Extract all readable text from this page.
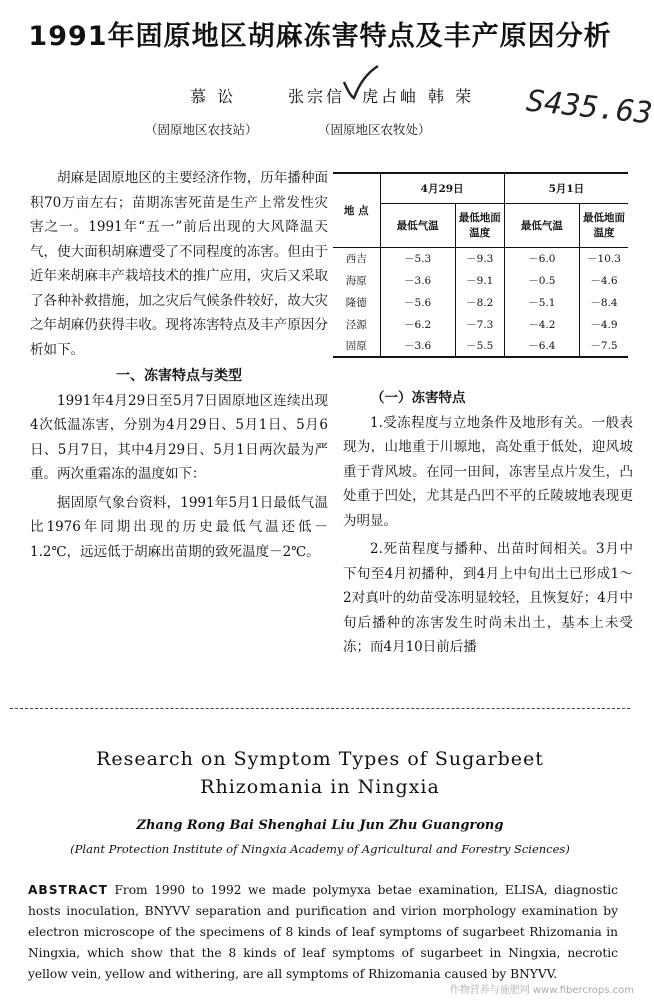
1991年固原地区胡麻冻害特点及丰产原因分析
慕 讼	张宗信 虎占岫 韩 荣
（固原地区农技站）	（固原地区农牧处）	S435.63
胡麻是固原地区的主要经济作物，历年播种面积70万亩左右；苗期冻害死苗是生产上常发性灾害之一。1991年“五一”前后出现的大风降温天气，使大面积胡麻遭受了不同程度的冻害。但由于近年来胡麻丰产栽培技术的推广应用，灾后又采取了各种补救措施，加之灾后气候条件较好，故大灾之年胡麻仍获得丰收。现将冻害特点及丰产原因分析如下。
一、冻害特点与类型
1991年4月29日至5月7日固原地区连续出现4次低温冻害，分别为4月29日、5月1日、5月6日、5月7日，其中4月29日、5月1日两次最为严重。两次重霜冻的温度如下：
据固原气象台资料，1991年5月1日最低气温比1976年同期出现的历史最低气温还低－1.2℃，远远低于胡麻出苗期的致死温度－2℃。
地 点	4月29日		5月1日	
	最低气温	最低地面温度	最低气温	最低地面温度
西吉	－5.3	－9.3	－6.0	－10.3
海原	－3.6	－9.1	－0.5	－4.6
隆德	－5.6	－8.2	－5.1	－8.4
泾源	－6.2	－7.3	－4.2	－4.9
固原	－3.6	－5.5	－6.4	－7.5
（一）冻害特点
1.受冻程度与立地条件及地形有关。一般表现为，山地重于川塬地，高处重于低处，迎风坡重于背风坡。在同一田间，冻害呈点片发生，凸处重于凹处，尤其是凸凹不平的丘陵坡地表现更为明显。
2.死苗程度与播种、出苗时间相关。3月中下旬至4月初播种，到4月上中旬出土已形成1～2对真叶的幼苗受冻明显较轻，且恢复好；4月中旬后播种的冻害发生时尚未出土，基本上未受冻；而4月10日前后播
Research on Symptom Types of Sugarbeet
Rhizomania in Ningxia
Zhang Rong Bai Shenghai Liu Jun Zhu Guangrong
(Plant Protection Institute of Ningxia Academy of Agricultural and Forestry Sciences)
ABSTRACT From 1990 to 1992 we made polymyxa betae examination, ELISA, diagnostic hosts inoculation, BNYVV separation and purification and virion morphology examination by electron microscope of the specimens of 8 kinds of leaf symptoms of sugarbeet Rhizomania in Ningxia, which show that the 8 kinds of leaf symptoms of sugarbeet in Ningxia, necrotic yellow vein, yellow and withering, are all symptoms of Rhizomania caused by BNYVV.
作物营养与施肥网 www.fibercrops.com
